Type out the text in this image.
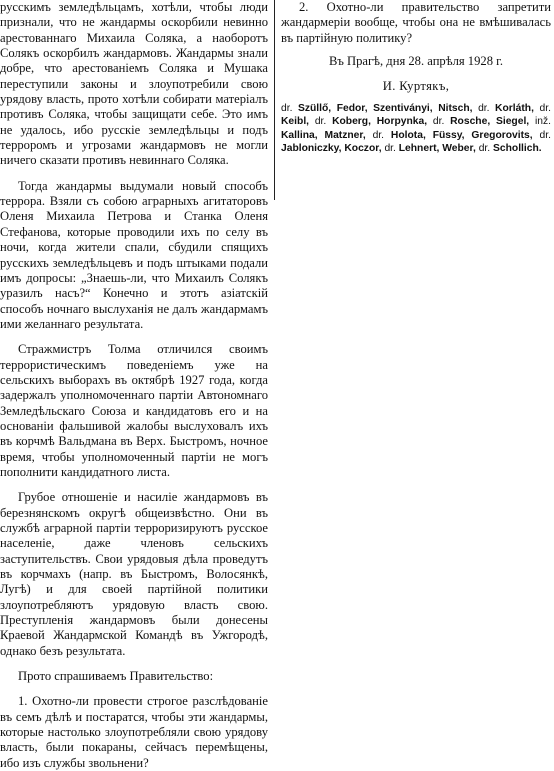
русскимъ земледѣльцамъ, хотѣли, чтобы люди признали, что не жандармы оскорбили невинно арестованнаго Михаила Соляка, а наоборотъ Солякъ оскорбилъ жандармовъ. Жандармы знали добре, что арестованіемъ Соляка и Мушака переступили законы и злоупотребили свою урядову власть, прото хотѣли собирати матеріалъ противъ Соляка, чтобы защищати себе. Это имъ не удалось, ибо русскіе земледѣльцы и подъ терроромъ и угрозами жандармовъ не могли ничего сказати противъ невиннаго Соляка.

Тогда жандармы выдумали новый способъ террора. Взяли съ собою аграрныхъ агитаторовъ Оленя Михаила Петрова и Станка Оленя Стефанова, которые проводили ихъ по селу въ ночи, когда жители спали, сбудили спящихъ русскихъ земледѣльцевъ и подъ штыками подали имъ допросы: „Знаешь-ли, что Михаилъ Солякъ уразилъ насъ?“ Конечно и этотъ азіатскій способъ ночнаго выслуханія не далъ жандармамъ ими желаннаго результата.

Стражмистръ Толма отличился своимъ террористическимъ поведеніемъ уже на сельскихъ выборахъ въ октябрѣ 1927 года, когда задержалъ уполномоченнаго партіи Автономнаго Земледѣльскаго Союза и кандидатовъ его и на основаніи фальшивой жалобы выслуховалъ ихъ въ корчмѣ Вальдмана въ Верх. Быстромъ, ночное время, чтобы уполномоченный партіи не могъ пополнити кандидатного листа.

Грубое отношеніе и насиліе жандармовъ въ березнянскомъ округѣ общеизвѣстно. Они въ службѣ аграрной партіи терроризируютъ русское населеніе, даже членовъ сельскихъ заступительствъ. Свои урядовыя дѣла проведутъ въ корчмахъ (напр. въ Быстромъ, Волосянкѣ, Лугѣ) и для своей партійной политики злоупотребляютъ урядовую власть свою. Преступленія жандармовъ были донесены Краевой Жандармской Командѣ въ Ужгородѣ, однако безъ результата.

Прото спрашиваемъ Правительство:

1. Охотно-ли провести строгое разслѣдованіе въ семъ дѣлѣ и постаратся, чтобы эти жандармы, которые настолько злоупотребляли свою урядову власть, были покараны, сейчасъ перемѣщены, ибо изъ службы звольнени?

2. Охотно-ли правительство запретити жандармеріи вообще, чтобы она не вмѣшивалась въ партійную политику?

Въ Прагѣ, дня 28. апрѣля 1928 г.

И. Куртякъ,

dr. Szüllő, Fedor, Szentiványi, Nitsch, dr. Korláth, dr. Keibl, dr. Koberg, Horpynka, dr. Rosche, Siegel, inž. Kallina, Matzner, dr. Holota, Füssy, Gregorovits, dr. Jabloniczky, Koczor, dr. Lehnert, Weber, dr. Schollich.
